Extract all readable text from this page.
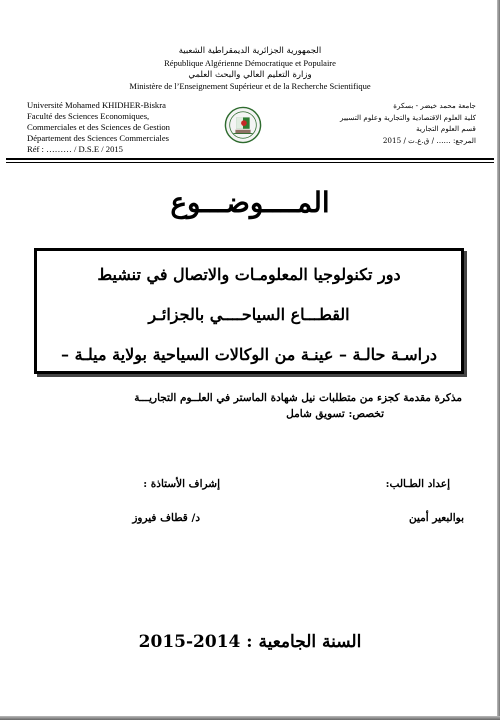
الجمهورية الجزائرية الديمقراطية الشعبية
République Algérienne Démocratique et Populaire
وزارة التعليم العالي والبحث العلمي
Ministère de l’Enseignement Supérieur et de la Recherche Scientifique
Université Mohamed KHIDHER-Biskra
Faculté des Sciences Economiques,
Commerciales et des Sciences de Gestion
Département des Sciences Commerciales
Réf : ……… / D.S.E / 2015
جامعة محمد خيضر - بسكرة
كلية العلوم الاقتصادية والتجارية وعلوم التسيير
قسم العلوم التجارية
المرجع: …… / ق.ع.ت / 2015
المــــوضـــوع
دور تكنولوجيا المعلومـات والاتصال في تنشيط
القطـــاع السياحــــي بالجزائـر
دراسـة حالـة – عينـة من الوكالات السياحية بولاية ميلـة –
مذكرة مقدمة كجزء من متطلبات نيل شهادة الماستر في العلــوم التجاريـــة
تخصص: تسويق شامل
إعداد الطـالب:
إشراف الأستاذة :
بوالبعير أمين
د/ قطاف فيروز
السنة الجامعية : 2014-2015
